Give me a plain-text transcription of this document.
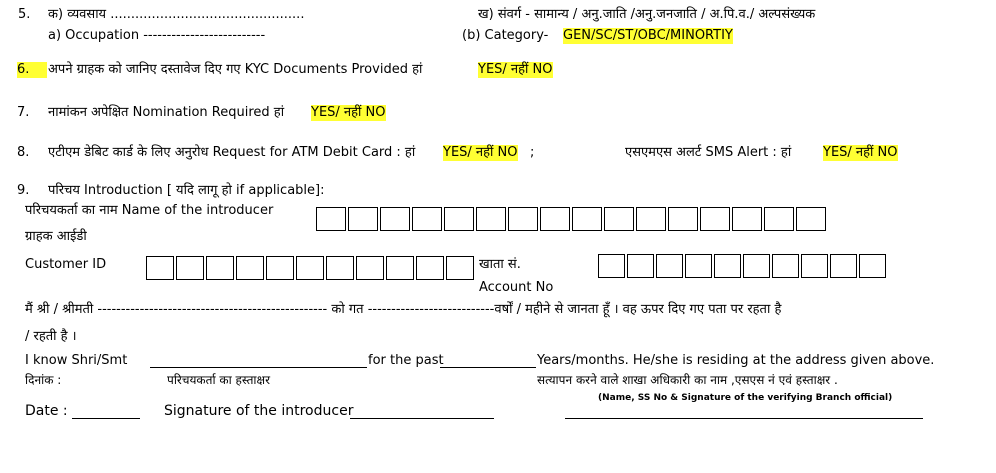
5. क) व्यवसाय ...............................................
a) Occupation --------------------------
ख) संवर्ग - सामान्य / अनु.जाति /अनु.जनजाति / अ.पि.व./ अल्पसंख्यक
(b) Category- GEN/SC/ST/OBC/MINORTIY
6.	अपने ग्राहक को जानिए दस्तावेज दिए गए KYC Documents Provided हां	YES/ नहीं NO
7. नामांकन अपेक्षित Nomination Required हां YES/ नहीं NO
8. एटीएम डेबिट कार्ड के लिए अनुरोध Request for ATM Debit Card : हां YES/ नहीं NO ;	एसएमएस अलर्ट SMS Alert : हां YES/ नहीं NO
9. परिचय Introduction [ यदि लागू हो if applicable]:
परिचयकर्ता का नाम Name of the introducer
ग्राहक आईडी
Customer ID	खाता सं.
Account No
मैं श्री / श्रीमती ------------------------------------------------- को गत ---------------------------वर्षों / महीने से जानता हूँ । वह ऊपर दिए गए पता पर रहता है
/ रहती है ।
I know Shri/Smt	for the past	Years/months. He/she is residing at the address given above.
दिनांक :	परिचयकर्ता का हस्ताक्षर	सत्यापन करने वाले शाखा अधिकारी का नाम ,एसएस नं एवं हस्ताक्षर .
(Name, SS No & Signature of the verifying Branch official)
Date :	Signature of the introducer
